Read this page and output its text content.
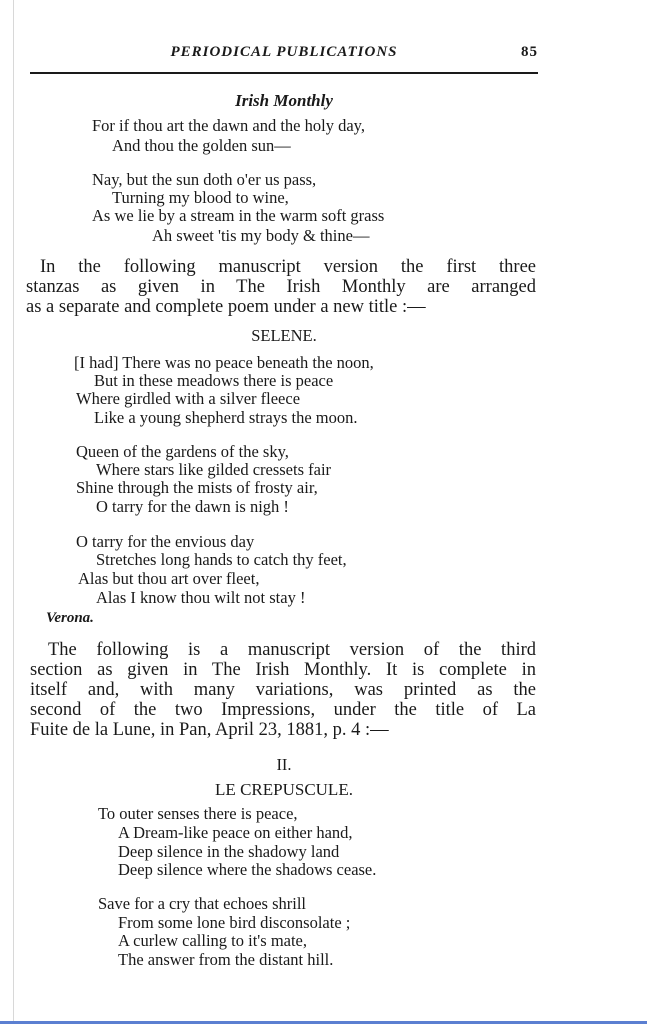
PERIODICAL PUBLICATIONS	85
Irish Monthly
For if thou art the dawn and the holy day,
And thou the golden sun—
Nay, but the sun doth o'er us pass,
Turning my blood to wine,
As we lie by a stream in the warm soft grass
Ah sweet 'tis my body & thine—
In the following manuscript version the first three
stanzas as given in The Irish Monthly are arranged
as a separate and complete poem under a new title :—
SELENE.
[I had] There was no peace beneath the noon,
But in these meadows there is peace
Where girdled with a silver fleece
Like a young shepherd strays the moon.
Queen of the gardens of the sky,
Where stars like gilded cressets fair
Shine through the mists of frosty air,
O tarry for the dawn is nigh !
O tarry for the envious day
Stretches long hands to catch thy feet,
Alas but thou art over fleet,
Alas I know thou wilt not stay !
Verona.
The following is a manuscript version of the third
section as given in The Irish Monthly. It is complete in
itself and, with many variations, was printed as the
second of the two Impressions, under the title of La
Fuite de la Lune, in Pan, April 23, 1881, p. 4 :—
II.
LE CREPUSCULE.
To outer senses there is peace,
A Dream-like peace on either hand,
Deep silence in the shadowy land
Deep silence where the shadows cease.
Save for a cry that echoes shrill
From some lone bird disconsolate ;
A curlew calling to it's mate,
The answer from the distant hill.
